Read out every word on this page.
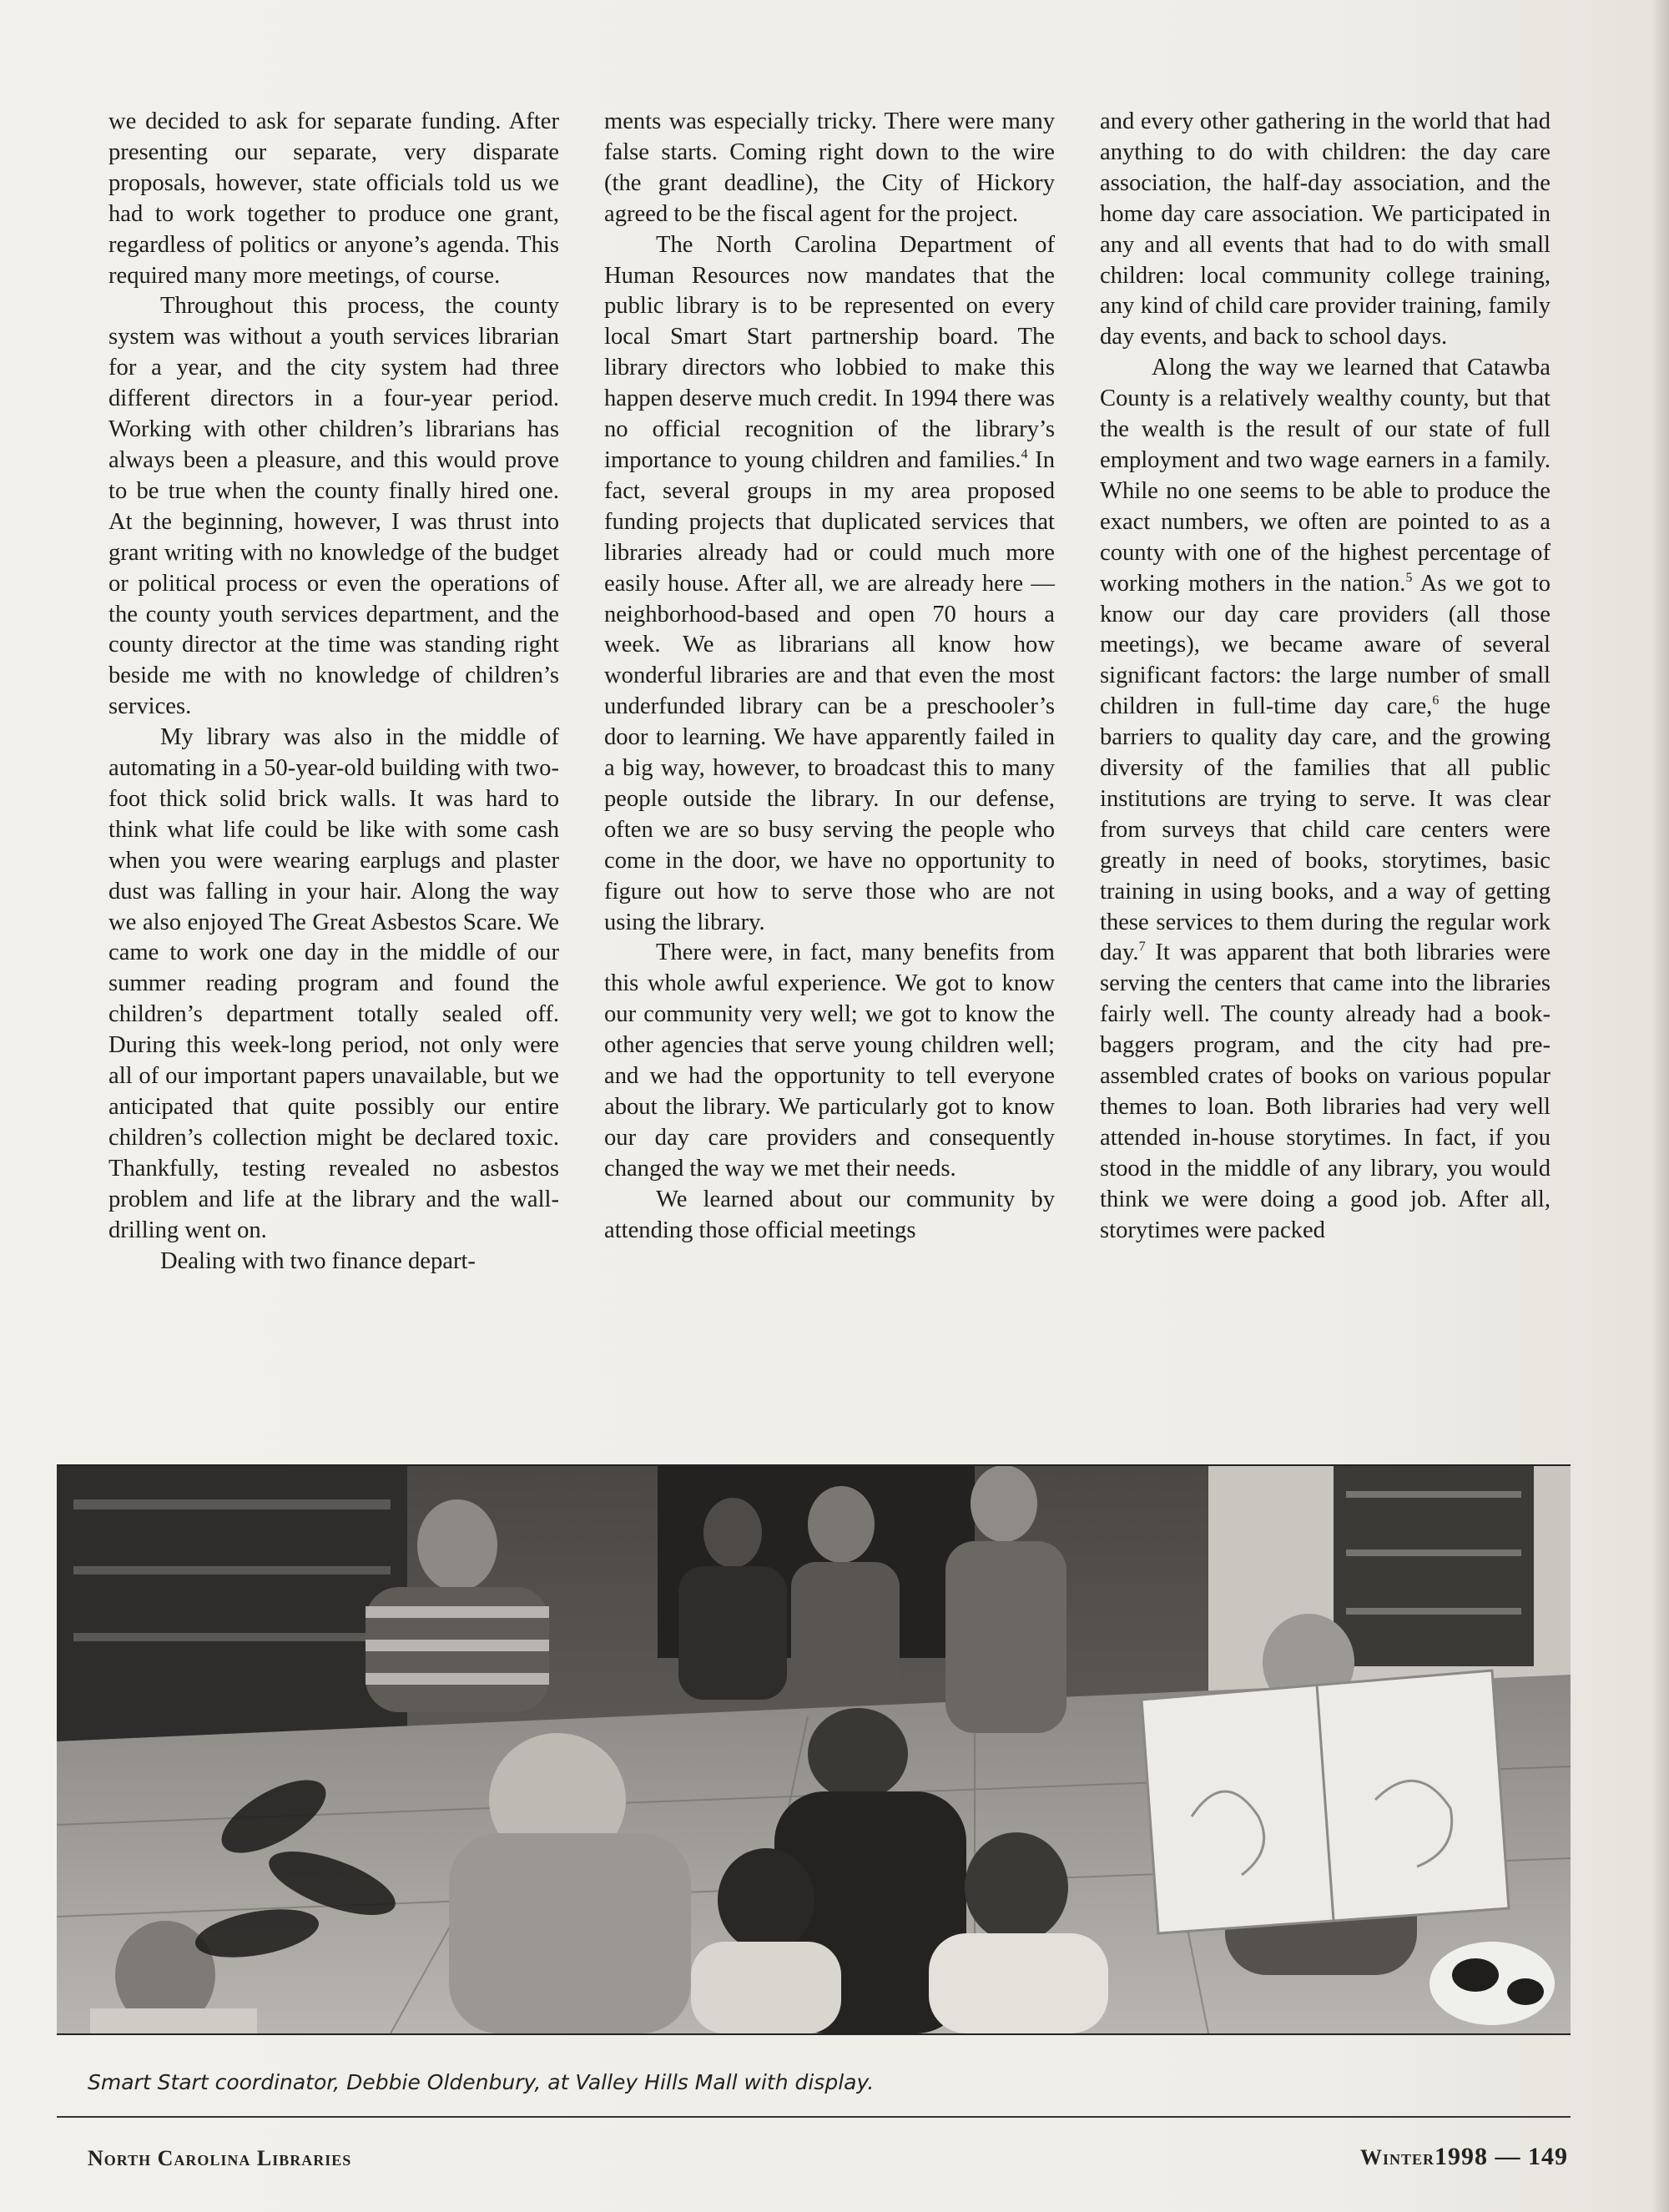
we decided to ask for separate funding. After presenting our separate, very disparate proposals, however, state officials told us we had to work together to produce one grant, regardless of politics or anyone’s agenda. This required many more meetings, of course.

Throughout this process, the county system was without a youth services librarian for a year, and the city system had three different directors in a four-year period. Working with other children’s librarians has always been a pleasure, and this would prove to be true when the county finally hired one. At the beginning, however, I was thrust into grant writing with no knowledge of the budget or political process or even the operations of the county youth services department, and the county director at the time was standing right beside me with no knowledge of children’s services.

My library was also in the middle of automating in a 50-year-old building with two-foot thick solid brick walls. It was hard to think what life could be like with some cash when you were wearing earplugs and plaster dust was falling in your hair. Along the way we also enjoyed The Great Asbestos Scare. We came to work one day in the middle of our summer reading program and found the children’s department totally sealed off. During this week-long period, not only were all of our important papers unavailable, but we anticipated that quite possibly our entire children’s collection might be declared toxic. Thankfully, testing revealed no asbestos problem and life at the library and the wall-drilling went on.

Dealing with two finance depart-

ments was especially tricky. There were many false starts. Coming right down to the wire (the grant deadline), the City of Hickory agreed to be the fiscal agent for the project.

The North Carolina Department of Human Resources now mandates that the public library is to be represented on every local Smart Start partnership board. The library directors who lobbied to make this happen deserve much credit. In 1994 there was no official recognition of the library’s importance to young children and families.$^4$ In fact, several groups in my area proposed funding projects that duplicated services that libraries already had or could much more easily house. After all, we are already here — neighborhood-based and open 70 hours a week. We as librarians all know how wonderful libraries are and that even the most underfunded library can be a preschooler’s door to learning. We have apparently failed in a big way, however, to broadcast this to many people outside the library. In our defense, often we are so busy serving the people who come in the door, we have no opportunity to figure out how to serve those who are not using the library.

There were, in fact, many benefits from this whole awful experience. We got to know our community very well; we got to know the other agencies that serve young children well; and we had the opportunity to tell everyone about the library. We particularly got to know our day care providers and consequently changed the way we met their needs.

We learned about our community by attending those official meetings

and every other gathering in the world that had anything to do with children: the day care association, the half-day association, and the home day care association. We participated in any and all events that had to do with small children: local community college training, any kind of child care provider training, family day events, and back to school days.

Along the way we learned that Catawba County is a relatively wealthy county, but that the wealth is the result of our state of full employment and two wage earners in a family. While no one seems to be able to produce the exact numbers, we often are pointed to as a county with one of the highest percentage of working mothers in the nation.$^5$ As we got to know our day care providers (all those meetings), we became aware of several significant factors: the large number of small children in full-time day care,$^6$ the huge barriers to quality day care, and the growing diversity of the families that all public institutions are trying to serve. It was clear from surveys that child care centers were greatly in need of books, storytimes, basic training in using books, and a way of getting these services to them during the regular work day.$^7$ It was apparent that both libraries were serving the centers that came into the libraries fairly well. The county already had a book-baggers program, and the city had pre-assembled crates of books on various popular themes to loan. Both libraries had very well attended in-house storytimes. In fact, if you stood in the middle of any library, you would think we were doing a good job. After all, storytimes were packed

Smart Start coordinator, Debbie Oldenbury, at Valley Hills Mall with display.
North Carolina Libraries	Winter1998 — 149
